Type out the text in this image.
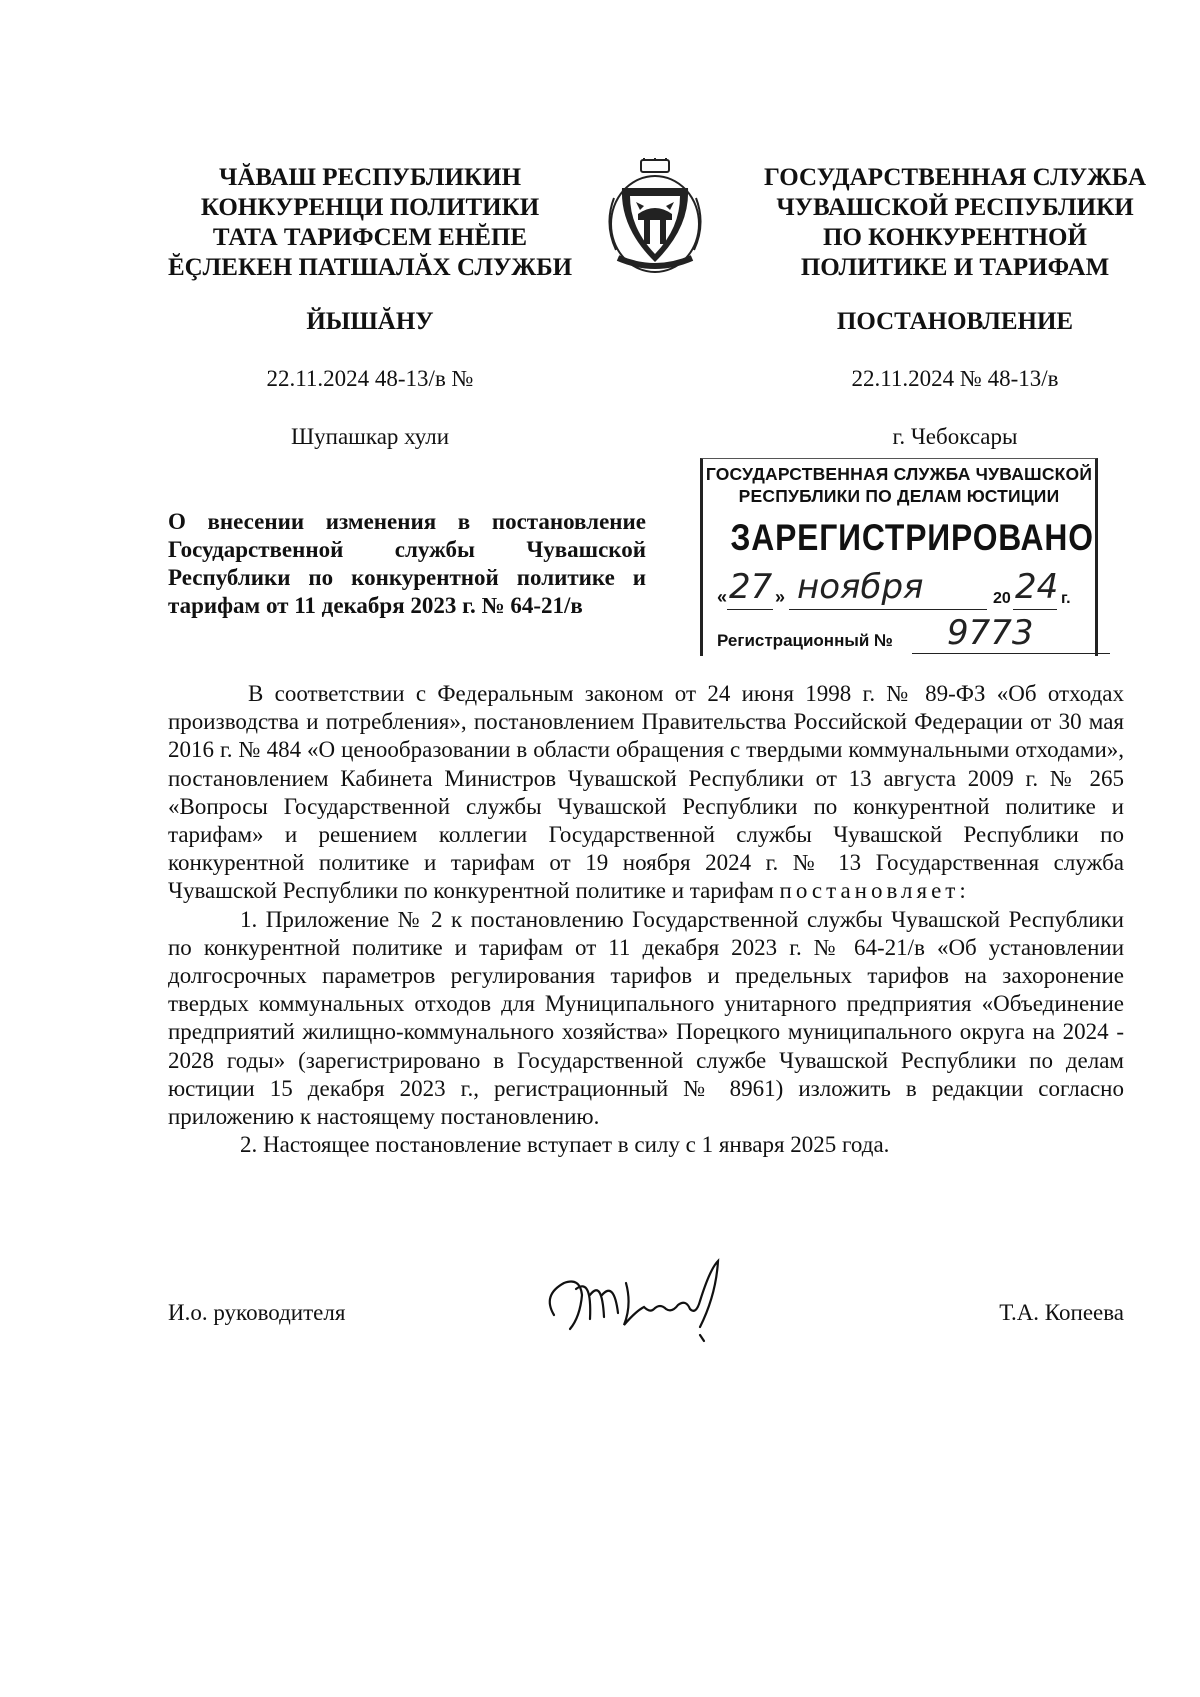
ЧĂВАШ РЕСПУБЛИКИН
КОНКУРЕНЦИ ПОЛИТИКИ
ТАТА ТАРИФСЕМ ЕНĔПЕ
ĔÇЛЕКЕН ПАТШАЛĂХ СЛУЖБИ
ГОСУДАРСТВЕННАЯ СЛУЖБА
ЧУВАШСКОЙ РЕСПУБЛИКИ
ПО КОНКУРЕНТНОЙ
ПОЛИТИКЕ И ТАРИФАМ
ЙЫШĂНУ	ПОСТАНОВЛЕНИЕ
22.11.2024 48-13/в №	22.11.2024 № 48-13/в
Шупашкар хули	г. Чебоксары
ГОСУДАРСТВЕННАЯ СЛУЖБА ЧУВАШСКОЙ
РЕСПУБЛИКИ ПО ДЕЛАМ ЮСТИЦИИ
ЗАРЕГИСТРИРОВАНО
« 27 » ноября	20 24 г.
Регистрационный № 9773
О внесении изменения в постановление Государственной службы Чувашской Республики по конкурентной политике и тарифам от 11 декабря 2023 г. № 64-21/в

В соответствии с Федеральным законом от 24 июня 1998 г. № 89-ФЗ «Об отходах производства и потребления», постановлением Правительства Российской Федерации от 30 мая 2016 г. № 484 «О ценообразовании в области обращения с твердыми коммунальными отходами», постановлением Кабинета Министров Чувашской Республики от 13 августа 2009 г. № 265 «Вопросы Государственной службы Чувашской Республики по конкурентной политике и тарифам» и решением коллегии Государственной службы Чувашской Республики по конкурентной политике и тарифам от 19 ноября 2024 г. № 13 Государственная служба Чувашской Республики по конкурентной политике и тарифам постановляет:

1. Приложение № 2 к постановлению Государственной службы Чувашской Республики по конкурентной политике и тарифам от 11 декабря 2023 г. № 64-21/в «Об установлении долгосрочных параметров регулирования тарифов и предельных тарифов на захоронение твердых коммунальных отходов для Муниципального унитарного предприятия «Объединение предприятий жилищно-коммунального хозяйства» Порецкого муниципального округа на 2024 - 2028 годы» (зарегистрировано в Государственной службе Чувашской Республики по делам юстиции 15 декабря 2023 г., регистрационный № 8961) изложить в редакции согласно приложению к настоящему постановлению.

2. Настоящее постановление вступает в силу с 1 января 2025 года.

И.о. руководителя	Т.А. Копеева
